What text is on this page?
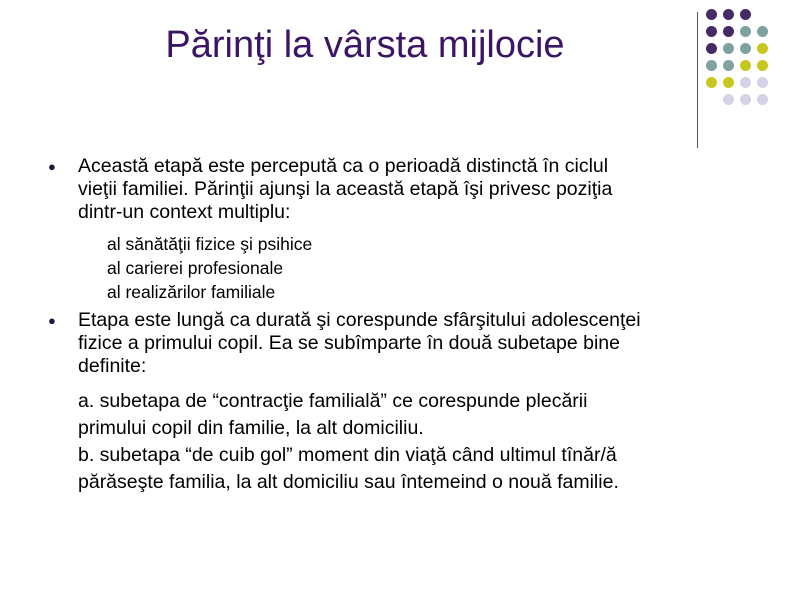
Părinţi la vârsta mijlocie
● Această etapă este percepută ca o perioadă distinctă în ciclul
vieţii familiei. Părinţii ajunşi la această etapă îşi privesc poziţia
dintr-un context multiplu:
al sănătăţii fizice şi psihice
al carierei profesionale
al realizărilor familiale
● Etapa este lungă ca durată şi corespunde sfârşitului adolescenţei
fizice a primului copil. Ea se subîmparte în două subetape bine
definite:
a. subetapa de “contracţie familială” ce corespunde plecării
primului copil din familie, la alt domiciliu.
b. subetapa “de cuib gol” moment din viaţă când ultimul tînăr/ă
părăseşte familia, la alt domiciliu sau întemeind o nouă familie.
